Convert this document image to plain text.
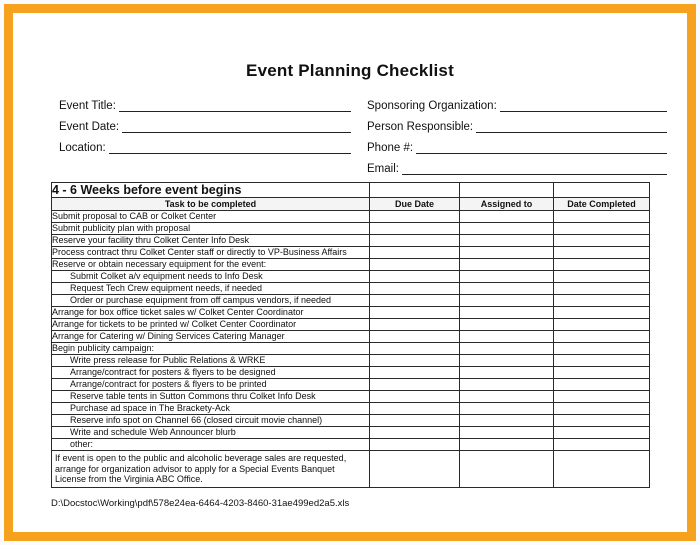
Event Planning Checklist
Event Title:
Event Date:
Location:
Sponsoring Organization:
Person Responsible:
Phone #:
Email:
4 - 6 Weeks before event begins			
Task to be completed	Due Date	Assigned to	Date Completed
Submit proposal to CAB or Colket Center			
Submit publicity plan with proposal			
Reserve your facility thru Colket Center Info Desk			
Process contract thru Colket Center staff or directly to VP-Business Affairs			
Reserve or obtain necessary equipment for the event:			
Submit Colket a/v equipment needs to Info Desk			
Request Tech Crew equipment needs, if needed			
Order or purchase equipment from off campus vendors, if needed			
Arrange for box office ticket sales w/ Colket Center Coordinator			
Arrange for tickets to be printed w/ Colket Center Coordinator			
Arrange for Catering w/ Dining Services Catering Manager			
Begin publicity campaign:			
Write press release for Public Relations & WRKE			
Arrange/contract for posters & flyers to be designed			
Arrange/contract for posters & flyers to be printed			
Reserve table tents in Sutton Commons thru Colket Info Desk			
Purchase ad space in The Brackety-Ack			
Reserve info spot on Channel 66 (closed circuit movie channel)			
Write and schedule Web Announcer blurb			
other:			
If event is open to the public and alcoholic beverage sales are requested, arrange for organization advisor to apply for a Special Events Banquet License from the Virginia ABC Office.			
D:\Docstoc\Working\pdf\578e24ea-6464-4203-8460-31ae499ed2a5.xls
